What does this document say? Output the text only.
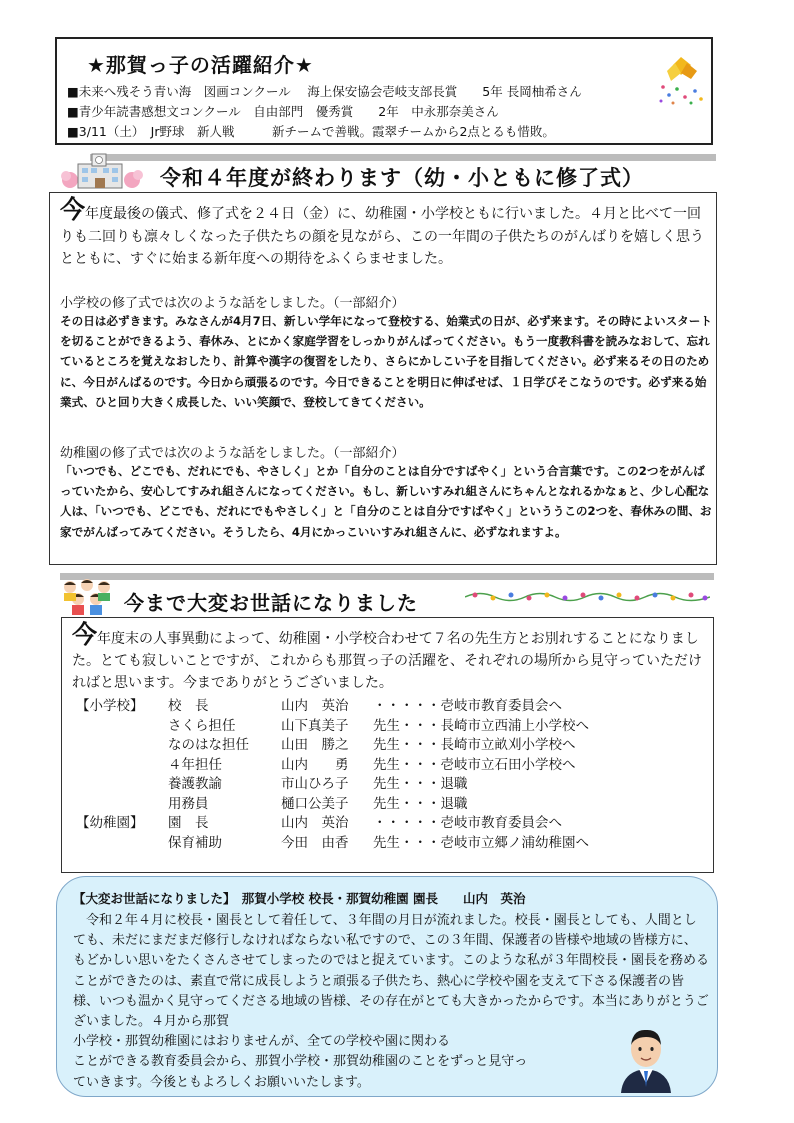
★那賀っ子の活躍紹介★
■未来へ残そう青い海　図画コンクール　 海上保安協会壱岐支部長賞　　5年 長岡柚希さん
■青少年読書感想文コンクール　自由部門　優秀賞　　2年　中永那奈美さん
■3/11（土）　Jr野球　新人戦　　　新チームで善戦。霞翠チームから2点とるも惜敗。
令和４年度が終わります（幼・小ともに修了式）
今年度最後の儀式、修了式を２４日（金）に、幼稚園・小学校ともに行いました。４月と比べて一回りも二回りも凛々しくなった子供たちの顔を見ながら、この一年間の子供たちのがんばりを嬉しく思うとともに、すぐに始まる新年度への期待をふくらませました。
小学校の修了式では次のような話をしました。（一部紹介）
その日は必ずきます。みなさんが4月7日、新しい学年になって登校する、始業式の日が、必ず来ます。その時によいスタートを切ることができるよう、春休み、とにかく家庭学習をしっかりがんばってください。もう一度教科書を読みなおして、忘れているところを覚えなおしたり、計算や漢字の復習をしたり、さらにかしこい子を目指してください。必ず来るその日のために、今日がんばるのです。今日から頑張るのです。今日できることを明日に伸ばせば、１日学びそこなうのです。必ず来る始業式、ひと回り大きく成長した、いい笑顔で、登校してきてください。
幼稚園の修了式では次のような話をしました。（一部紹介）
「いつでも、どこでも、だれにでも、やさしく」とか「自分のことは自分ですばやく」という合言葉です。この2つをがんばっていたから、安心してすみれ組さんになってください。もし、新しいすみれ組さんにちゃんとなれるかなぁと、少し心配な人は、「いつでも、どこでも、だれにでもやさしく」と「自分のことは自分ですばやく」といううこの2つを、春休みの間、お家でがんばってみてください。そうしたら、4月にかっこいいすみれ組さんに、必ずなれますよ。
今まで大変お世話になりました
今年度末の人事異動によって、幼稚園・小学校合わせて７名の先生方とお別れすることになりました。とても寂しいことですが、これからも那賀っ子の活躍を、それぞれの場所から見守っていただければと思います。今までありがとうございました。
【小学校】 校　長	山内　英治 ・・・・・壱岐市教育委員会へ
さくら担任	山下真美子 先生・・・長崎市立西浦上小学校へ
なのはな担任 山田　勝之 先生・・・長崎市立畝刈小学校へ
４年担任	山内　　勇 先生・・・壱岐市立石田小学校へ
養護教諭	市山ひろ子 先生・・・退職
用務員	樋口公美子 先生・・・退職
【幼稚園】 園　長	山内　英治 ・・・・・壱岐市教育委員会へ
保育補助	今田　由香 先生・・・壱岐市立郷ノ浦幼稚園へ
【大変お世話になりました】　那賀小学校 校長・那賀幼稚園 園長　　山内　英治
　令和２年４月に校長・園長として着任して、３年間の月日が流れました。校長・園長としても、人間としても、未だにまだまだ修行しなければならない私ですので、この３年間、保護者の皆様や地域の皆様方に、もどかしい思いをたくさんさせてしまったのではと捉えています。このような私が３年間校長・園長を務めることができたのは、素直で常に成長しようと頑張る子供たち、熱心に学校や園を支えて下さる保護者の皆様、いつも温かく見守ってくださる地域の皆様、その存在がとても大きかったからです。本当にありがとうございました。４月から那賀
小学校・那賀幼稚園にはおりませんが、全ての学校や園に関わる
ことができる教育委員会から、那賀小学校・那賀幼稚園のことをずっと見守っ
ていきます。今後ともよろしくお願いいたします。
